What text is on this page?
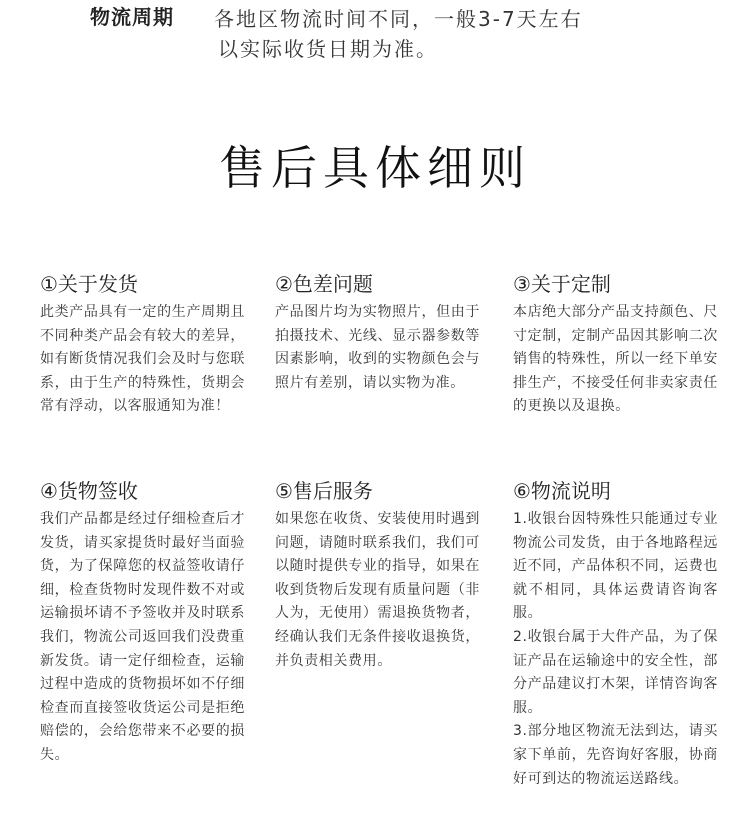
物流周期 各地区物流时间不同，一般3-7天左右
以实际收货日期为准。
售后具体细则
①关于发货
此类产品具有一定的生产周期且不同种类产品会有较大的差异，如有断货情况我们会及时与您联系，由于生产的特殊性，货期会常有浮动，以客服通知为准！
②色差问题
产品图片均为实物照片，但由于拍摄技术、光线、显示器参数等因素影响，收到的实物颜色会与照片有差别，请以实物为准。
③关于定制
本店绝大部分产品支持颜色、尺寸定制，定制产品因其影响二次销售的特殊性，所以一经下单安排生产，不接受任何非卖家责任的更换以及退换。
④货物签收
我们产品都是经过仔细检查后才发货，请买家提货时最好当面验货，为了保障您的权益签收请仔细，检查货物时发现件数不对或运输损坏请不予签收并及时联系我们，物流公司返回我们没费重新发货。请一定仔细检查，运输过程中造成的货物损坏如不仔细检查而直接签收货运公司是拒绝赔偿的，会给您带来不必要的损失。
⑤售后服务
如果您在收货、安装使用时遇到问题，请随时联系我们，我们可以随时提供专业的指导，如果在收到货物后发现有质量问题（非人为，无使用）需退换货物者，经确认我们无条件接收退换货，并负责相关费用。
⑥物流说明

1.收银台因特殊性只能通过专业物流公司发货，由于各地路程远近不同，产品体积不同，运费也就不相同，具体运费请咨询客服。

2.收银台属于大件产品，为了保证产品在运输途中的安全性，部分产品建议打木架，详情咨询客服。

3.部分地区物流无法到达，请买家下单前，先咨询好客服，协商好可到达的物流运送路线。
